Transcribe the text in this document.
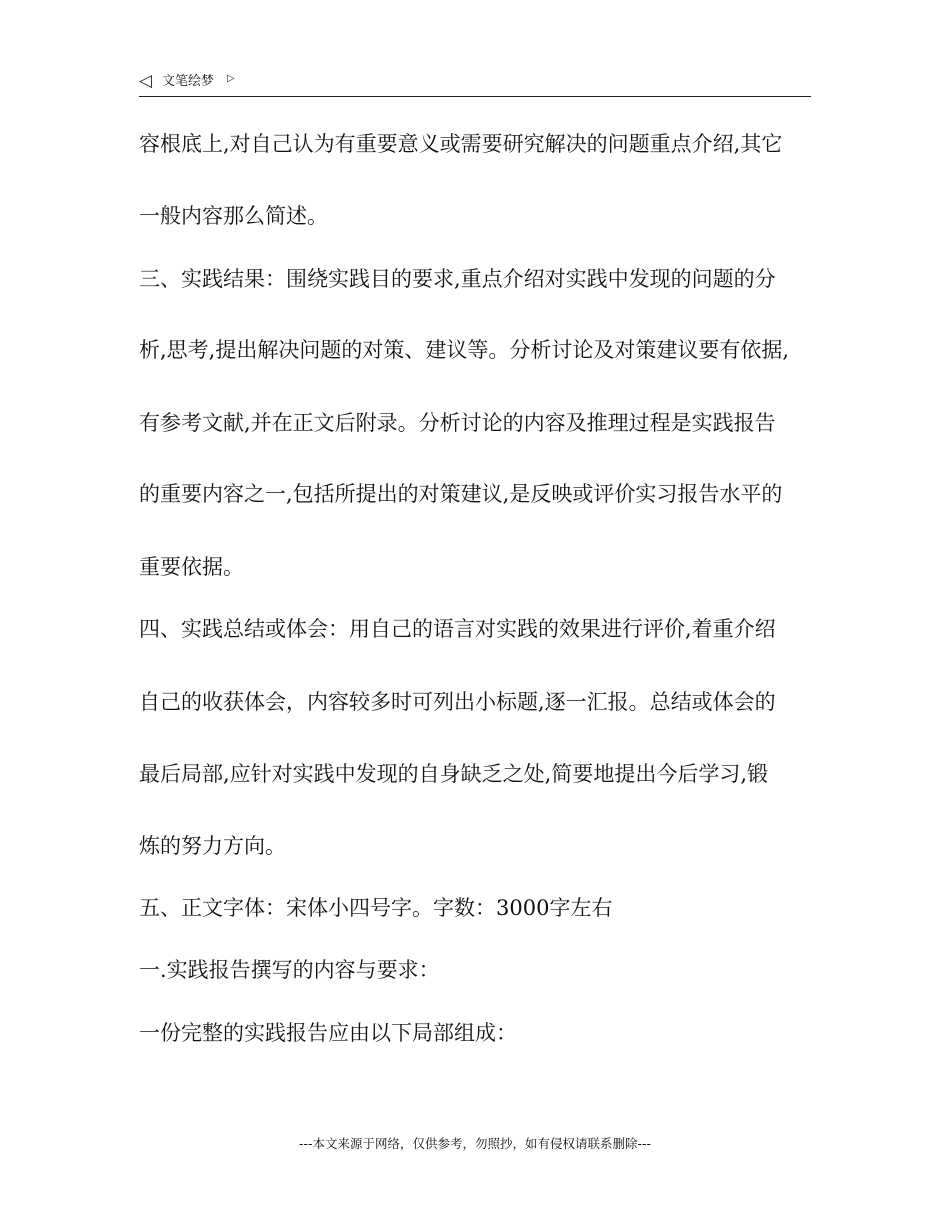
◁ 文笔绘梦 ▷
容根底上,对自己认为有重要意义或需要研究解决的问题重点介绍,其它
一般内容那么简述。
三、实践结果：围绕实践目的要求,重点介绍对实践中发现的问题的分
析,思考,提出解决问题的对策、建议等。分析讨论及对策建议要有依据,
有参考文献,并在正文后附录。分析讨论的内容及推理过程是实践报告
的重要内容之一,包括所提出的对策建议,是反映或评价实习报告水平的
重要依据。
四、实践总结或体会：用自己的语言对实践的效果进行评价,着重介绍
自己的收获体会，内容较多时可列出小标题,逐一汇报。总结或体会的
最后局部,应针对实践中发现的自身缺乏之处,简要地提出今后学习,锻
炼的努力方向。
五、正文字体：宋体小四号字。字数：3000字左右
一.实践报告撰写的内容与要求：
一份完整的实践报告应由以下局部组成：
---本文来源于网络，仅供参考，勿照抄，如有侵权请联系删除---
